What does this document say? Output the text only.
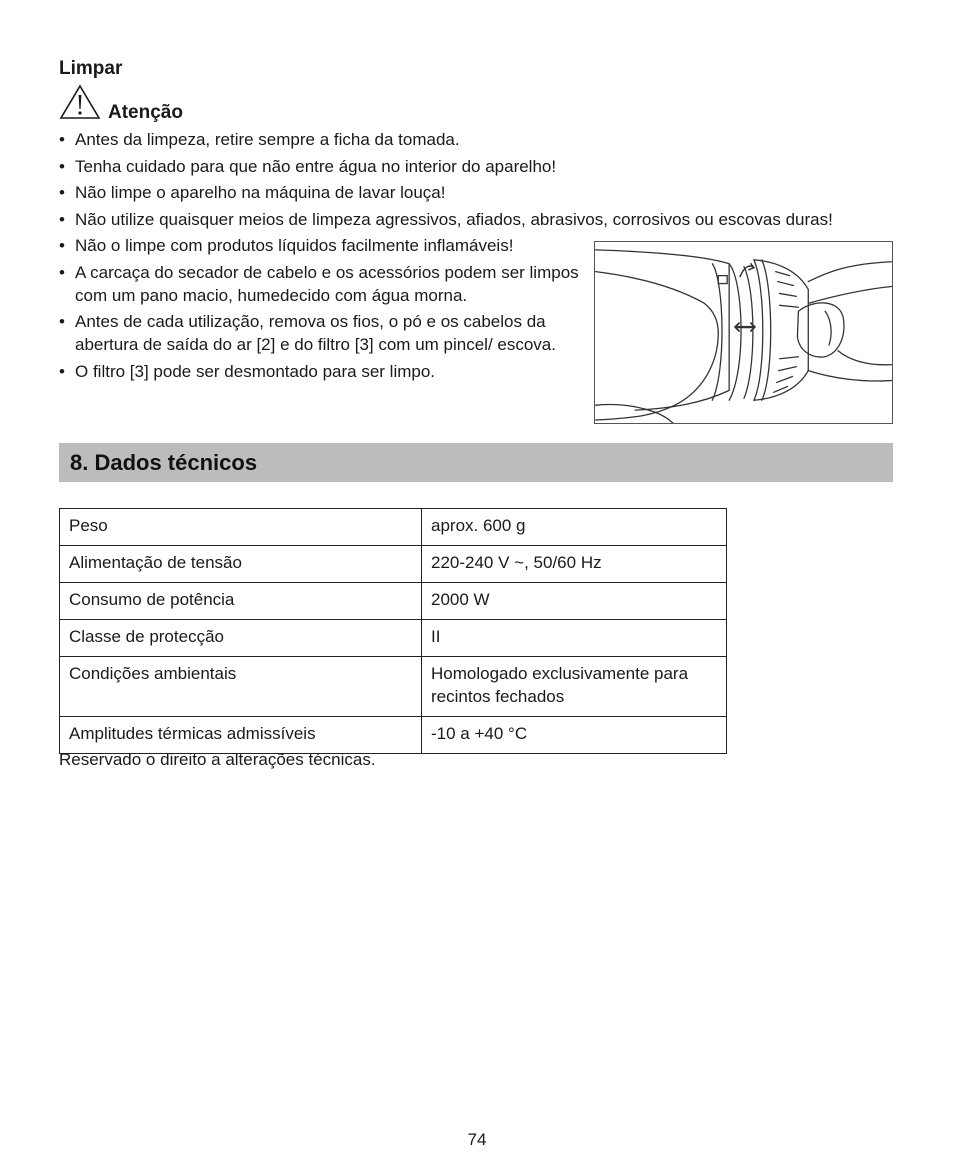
Limpar
Atenção
• Antes da limpeza, retire sempre a ficha da tomada.
• Tenha cuidado para que não entre água no interior do aparelho!
• Não limpe o aparelho na máquina de lavar louça!
• Não utilize quaisquer meios de limpeza agressivos, afiados, abrasivos, corrosivos ou escovas duras!
• Não o limpe com produtos líquidos facilmente inflamáveis!
• A carcaça do secador de cabelo e os acessórios podem ser limpos com um pano macio, humedecido com água morna.
• Antes de cada utilização, remova os fios, o pó e os cabelos da abertura de saída do ar [2] e do filtro [3] com um pincel/ escova.
• O filtro [3] pode ser desmontado para ser limpo.
8. Dados técnicos
Peso	aprox. 600 g
Alimentação de tensão	220-240 V ~, 50/60 Hz
Consumo de potência	2000 W
Classe de protecção	II
Condições ambientais	Homologado exclusivamente para recintos fechados
Amplitudes térmicas admissíveis	-10 a +40 °C

Reservado o direito a alterações técnicas.

74
